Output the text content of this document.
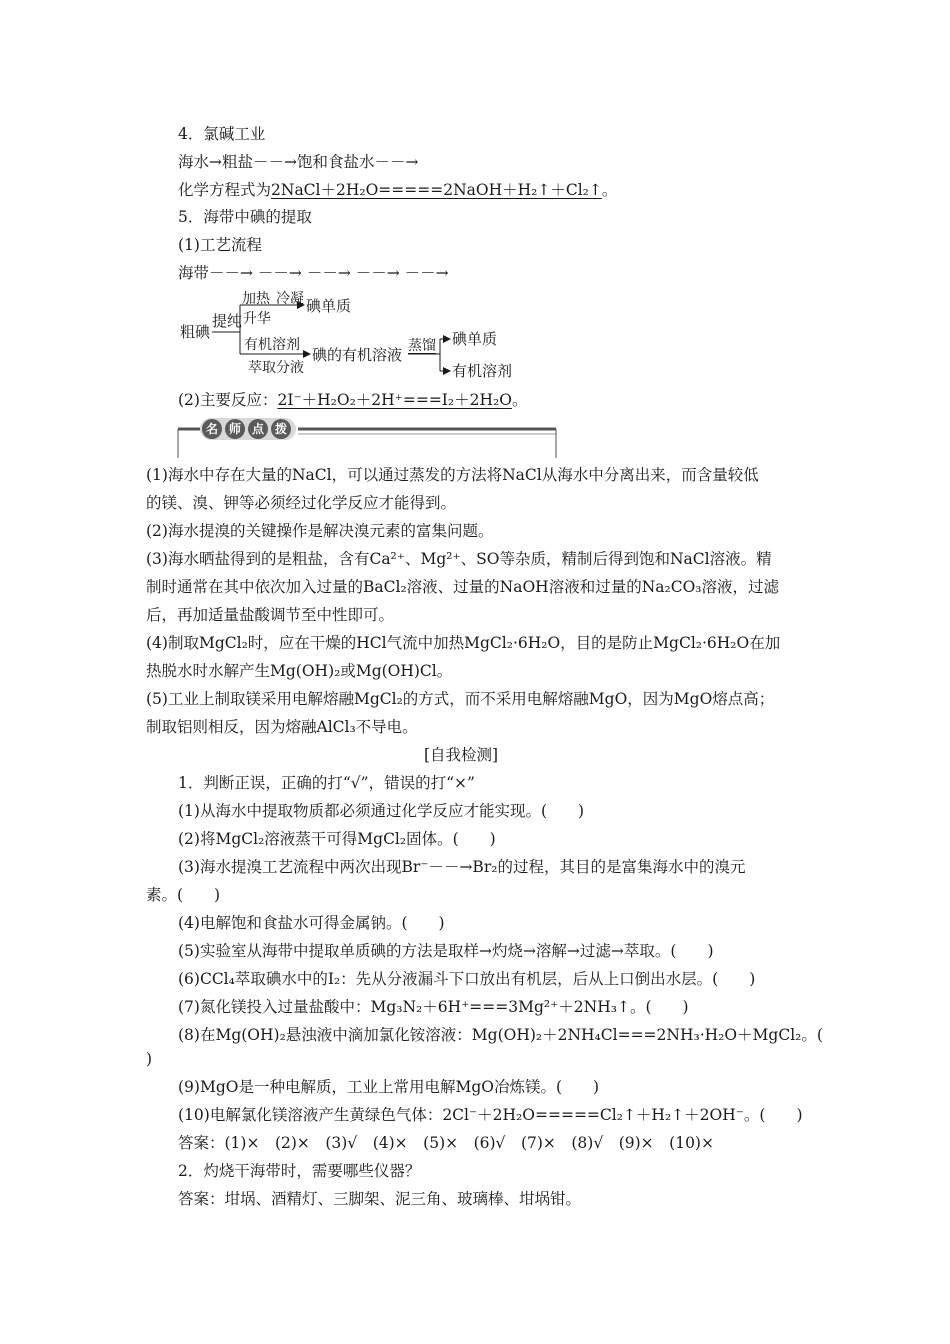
4．氯碱工业
海水→粗盐－－→饱和食盐水－－→
化学方程式为2NaCl＋2H₂O=====2NaOH＋H₂↑＋Cl₂↑。
5．海带中碘的提取
(1)工艺流程
海带－－→ －－→ －－→ －－→ －－→
粗碘
提纯
加热 冷凝
升华
碘单质
有机溶剂
萃取分液
碘的有机溶液 蒸馏 碘单质
有机溶剂
(2)主要反应：2I⁻＋H₂O₂＋2H⁺===I₂＋2H₂O。
名 师 点 拨
(1)海水中存在大量的NaCl，可以通过蒸发的方法将NaCl从海水中分离出来，而含量较低
的镁、溴、钾等必须经过化学反应才能得到。
(2)海水提溴的关键操作是解决溴元素的富集问题。
(3)海水晒盐得到的是粗盐，含有Ca²⁺、Mg²⁺、SO等杂质，精制后得到饱和NaCl溶液。精
制时通常在其中依次加入过量的BaCl₂溶液、过量的NaOH溶液和过量的Na₂CO₃溶液，过滤
后，再加适量盐酸调节至中性即可。
(4)制取MgCl₂时，应在干燥的HCl气流中加热MgCl₂·6H₂O，目的是防止MgCl₂·6H₂O在加
热脱水时水解产生Mg(OH)₂或Mg(OH)Cl。
(5)工业上制取镁采用电解熔融MgCl₂的方式，而不采用电解熔融MgO，因为MgO熔点高；
制取铝则相反，因为熔融AlCl₃不导电。
[自我检测]
1．判断正误，正确的打“√”，错误的打“×”
(1)从海水中提取物质都必须通过化学反应才能实现。(　　)
(2)将MgCl₂溶液蒸干可得MgCl₂固体。(　　)
(3)海水提溴工艺流程中两次出现Br⁻－－→Br₂的过程，其目的是富集海水中的溴元
素。(　　)
(4)电解饱和食盐水可得金属钠。(　　)
(5)实验室从海带中提取单质碘的方法是取样→灼烧→溶解→过滤→萃取。(　　)
(6)CCl₄萃取碘水中的I₂：先从分液漏斗下口放出有机层，后从上口倒出水层。(　　)
(7)氮化镁投入过量盐酸中：Mg₃N₂＋6H⁺===3Mg²⁺＋2NH₃↑。(　　)
(8)在Mg(OH)₂悬浊液中滴加氯化铵溶液：Mg(OH)₂＋2NH₄Cl===2NH₃·H₂O＋MgCl₂。(
)
(9)MgO是一种电解质，工业上常用电解MgO冶炼镁。(　　)
(10)电解氯化镁溶液产生黄绿色气体：2Cl⁻＋2H₂O=====Cl₂↑＋H₂↑＋2OH⁻。(　　)
答案：(1)×　(2)×　(3)√　(4)×　(5)×　(6)√　(7)×　(8)√　(9)×　(10)×
2．灼烧干海带时，需要哪些仪器？
答案：坩埚、酒精灯、三脚架、泥三角、玻璃棒、坩埚钳。
